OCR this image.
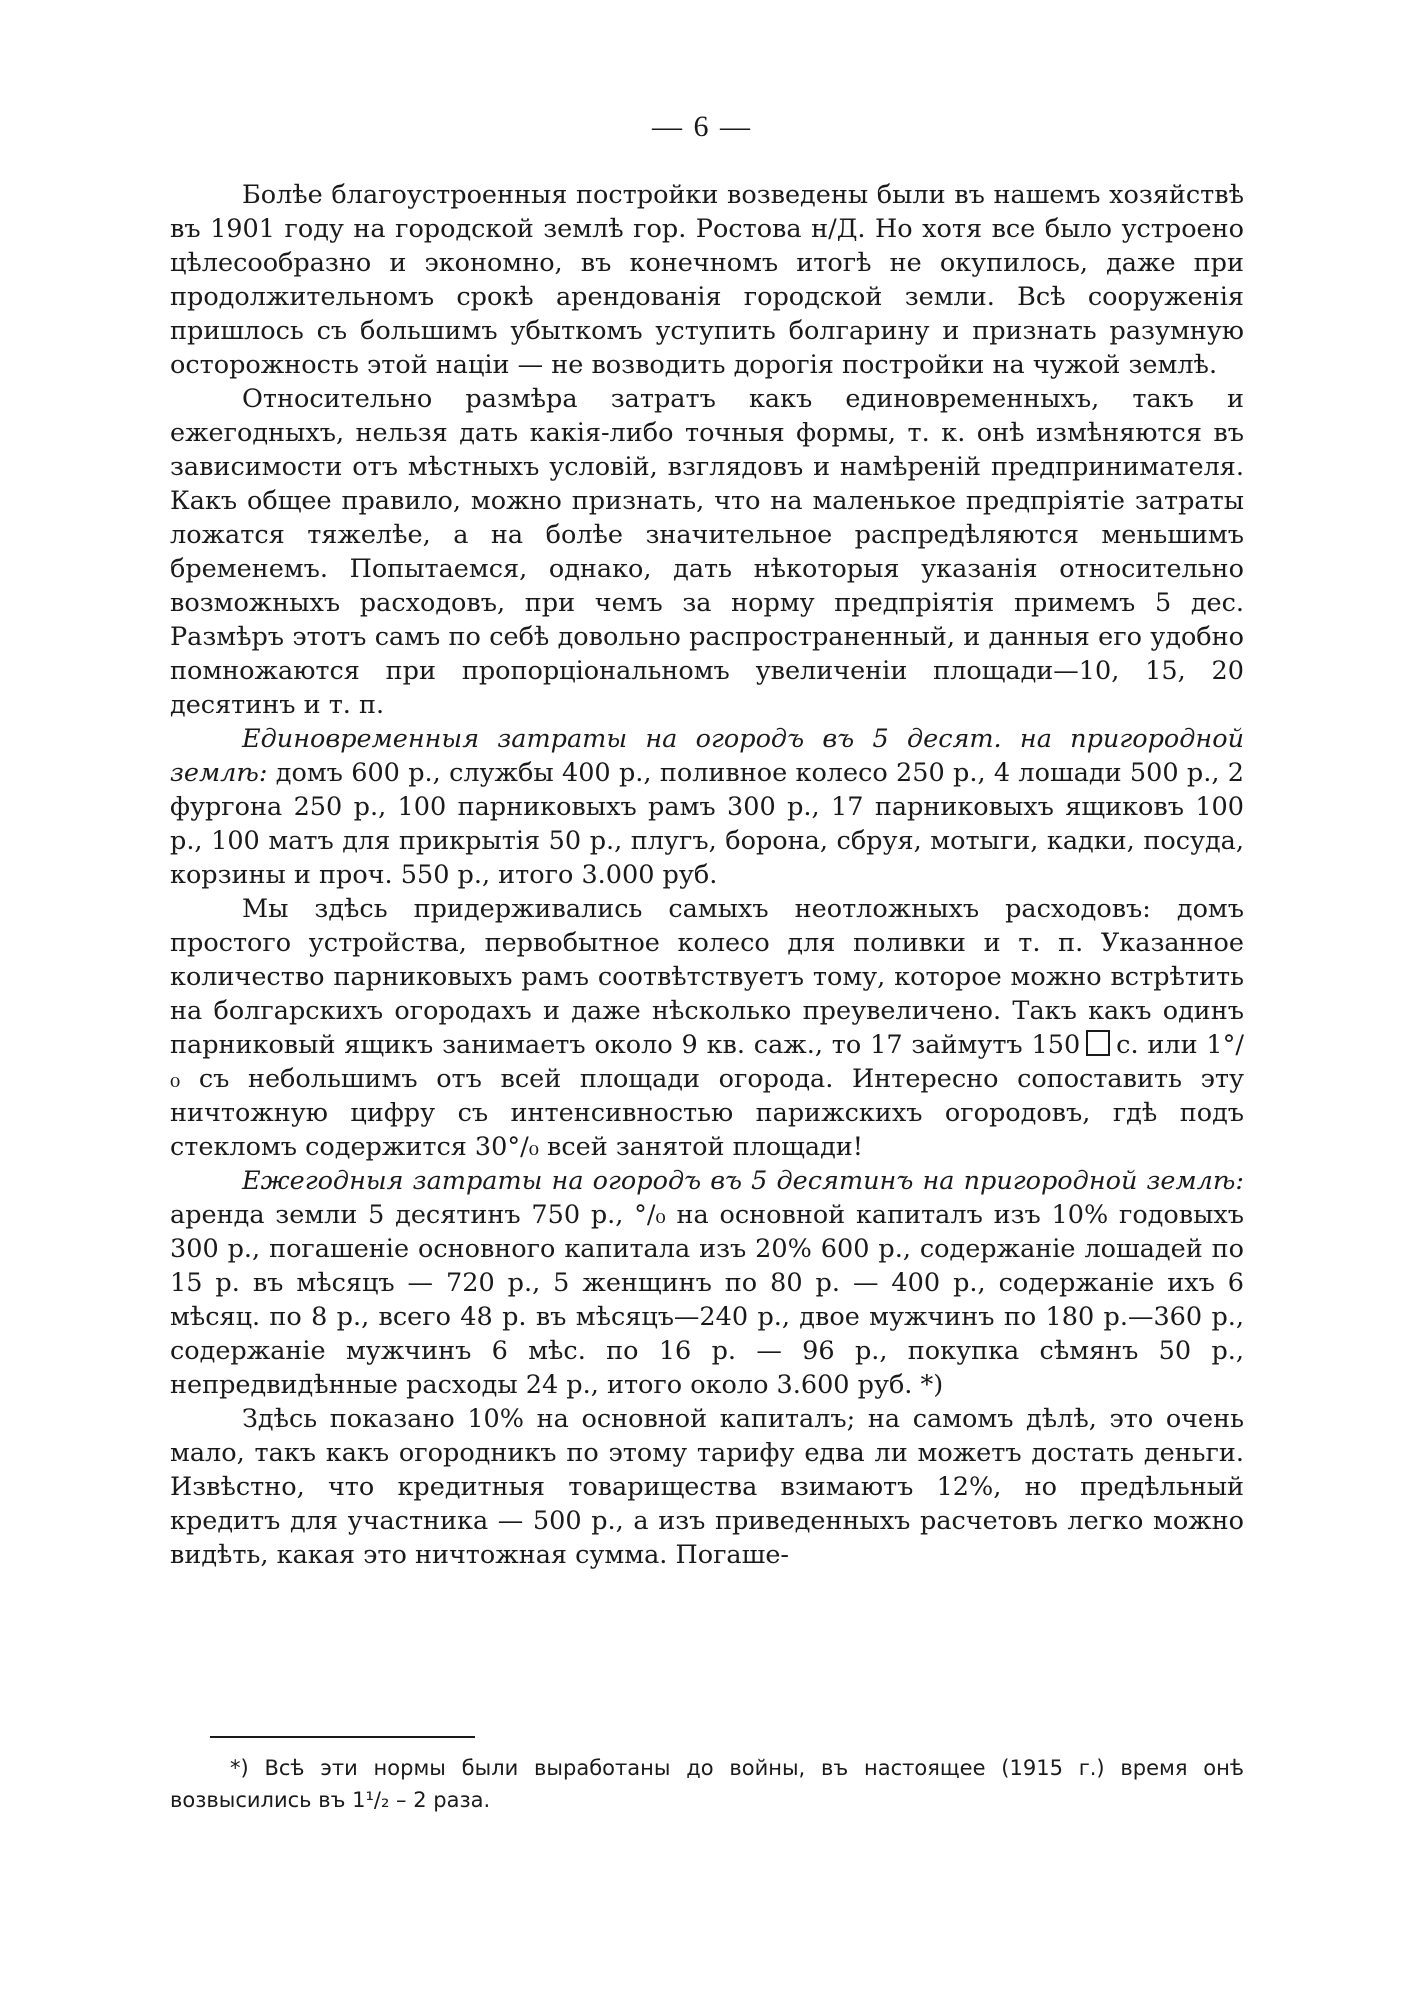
— 6 —

Болѣе благоустроенныя постройки возведены были въ нашемъ хозяйствѣ въ 1901 году на городской землѣ гор. Ростова н/Д. Но хотя все было устроено цѣлесообразно и экономно, въ конечномъ итогѣ не окупилось, даже при продолжительномъ срокѣ арендованія городской земли. Всѣ сооруженія пришлось съ большимъ убыткомъ уступить болгарину и признать разумную осторожность этой націи — не возводить дорогія постройки на чужой землѣ.

Относительно размѣра затратъ какъ единовременныхъ, такъ и ежегодныхъ, нельзя дать какія-либо точныя формы, т. к. онѣ измѣняются въ зависимости отъ мѣстныхъ условій, взглядовъ и намѣреній предпринимателя. Какъ общее правило, можно признать, что на маленькое предпріятіе затраты ложатся тяжелѣе, а на болѣе значительное распредѣляются меньшимъ бременемъ. Попытаемся, однако, дать нѣкоторыя указанія относительно возможныхъ расходовъ, при чемъ за норму предпріятія примемъ 5 дес. Размѣръ этотъ самъ по себѣ довольно распространенный, и данныя его удобно помножаются при пропорціональномъ увеличеніи площади—10, 15, 20 десятинъ и т. п.

Единовременныя затраты на огородъ въ 5 десят. на пригородной землѣ: домъ 600 р., службы 400 р., поливное колесо 250 р., 4 лошади 500 р., 2 фургона 250 р., 100 парниковыхъ рамъ 300 р., 17 парниковыхъ ящиковъ 100 р., 100 матъ для прикрытія 50 р., плугъ, борона, сбруя, мотыги, кадки, посуда, корзины и проч. 550 р., итого 3.000 руб.

Мы здѣсь придерживались самыхъ неотложныхъ расходовъ: домъ простого устройства, первобытное колесо для поливки и т. п. Указанное количество парниковыхъ рамъ соотвѣтствуетъ тому, которое можно встрѣтить на болгарскихъ огородахъ и даже нѣсколько преувеличено. Такъ какъ одинъ парниковый ящикъ занимаетъ около 9 кв. саж., то 17 займутъ 150 с. или 1°/₀ съ небольшимъ отъ всей площади огорода. Интересно сопоставить эту ничтожную цифру съ интенсивностью парижскихъ огородовъ, гдѣ подъ стекломъ содержится 30°/₀ всей занятой площади!

Ежегодныя затраты на огородъ въ 5 десятинъ на пригородной землѣ: аренда земли 5 десятинъ 750 р., °/₀ на основной капиталъ изъ 10% годовыхъ 300 р., погашеніе основного капитала изъ 20% 600 р., содержаніе лошадей по 15 р. въ мѣсяцъ — 720 р., 5 женщинъ по 80 р. — 400 р., содержаніе ихъ 6 мѣсяц. по 8 р., всего 48 р. въ мѣсяцъ—240 р., двое мужчинъ по 180 р.—360 р., содержаніе мужчинъ 6 мѣс. по 16 р. — 96 р., покупка сѣмянъ 50 р., непредвидѣнные расходы 24 р., итого около 3.600 руб. *)

Здѣсь показано 10% на основной капиталъ; на самомъ дѣлѣ, это очень мало, такъ какъ огородникъ по этому тарифу едва ли можетъ достать деньги. Извѣстно, что кредитныя товарищества взимаютъ 12%, но предѣльный кредитъ для участника — 500 р., а изъ приведенныхъ расчетовъ легко можно видѣть, какая это ничтожная сумма. Погаше-

*) Всѣ эти нормы были выработаны до войны, въ настоящее (1915 г.) время онѣ возвысились въ 1¹/₂ – 2 раза.
